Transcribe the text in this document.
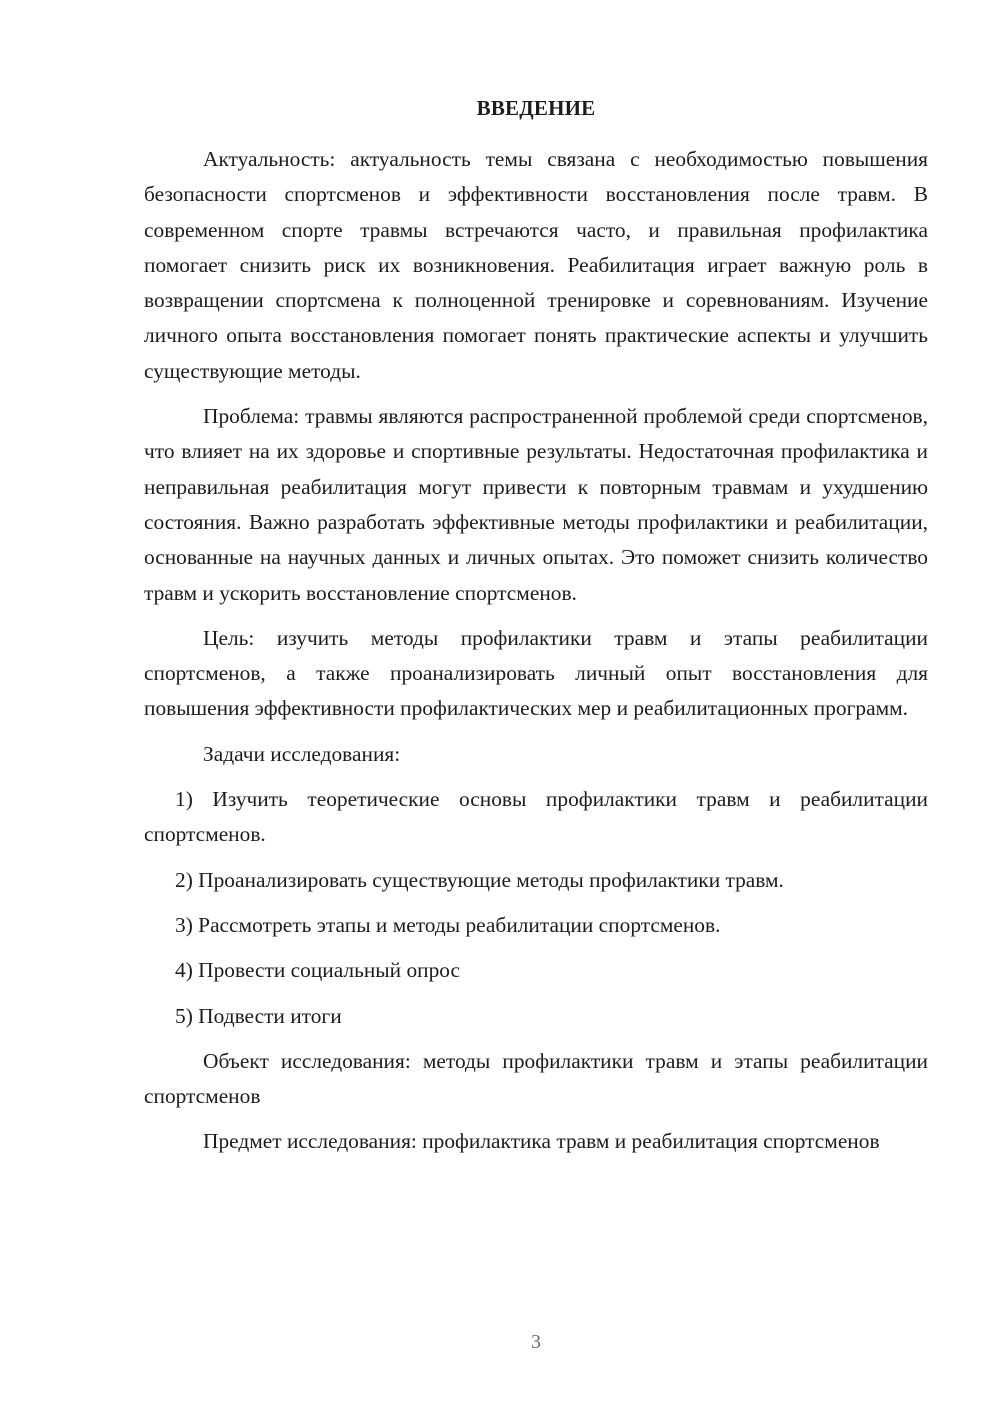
ВВЕДЕНИЕ

Актуальность: актуальность темы связана с необходимостью повышения безопасности спортсменов и эффективности восстановления после травм. В современном спорте травмы встречаются часто, и правильная профилактика помогает снизить риск их возникновения. Реабилитация играет важную роль в возвращении спортсмена к полноценной тренировке и соревнованиям. Изучение личного опыта восстановления помогает понять практические аспекты и улучшить существующие методы.

Проблема: травмы являются распространенной проблемой среди спортсменов, что влияет на их здоровье и спортивные результаты. Недостаточная профилактика и неправильная реабилитация могут привести к повторным травмам и ухудшению состояния. Важно разработать эффективные методы профилактики и реабилитации, основанные на научных данных и личных опытах. Это поможет снизить количество травм и ускорить восстановление спортсменов.

Цель: изучить методы профилактики травм и этапы реабилитации спортсменов, а также проанализировать личный опыт восстановления для повышения эффективности профилактических мер и реабилитационных программ.

Задачи исследования:

1) Изучить теоретические основы профилактики травм и реабилитации спортсменов.

2) Проанализировать существующие методы профилактики травм.

3) Рассмотреть этапы и методы реабилитации спортсменов.

4) Провести социальный опрос

5) Подвести итоги

Объект исследования: методы профилактики травм и этапы реабилитации спортсменов

Предмет исследования: профилактика травм и реабилитация спортсменов

3
